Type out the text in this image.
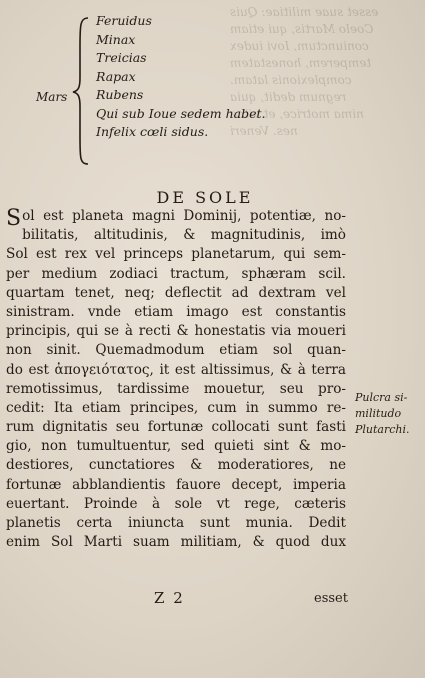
esset suae militiae: Quis
Coelo Martis, qui etiam
coniunctum, Iovi iudex
temperem, honestatem
complexionis latam.
regnum dedit, quia
nima motrice, et vitae
nes. Veneri
Mars
Feruidus
Minax
Treicias
Rapax
Rubens
Qui sub Ioue sedem habet.
Infelix cœli sidus.
DE SOLE
Sol est planeta magni Dominij, potentiæ, no-
bilitatis, altitudinis, & magnitudinis, imò
Sol est rex vel princeps planetarum, qui sem-
per medium zodiaci tractum, sphæram scil.
quartam tenet, neq; deflectit ad dextram vel
sinistram. vnde etiam imago est constantis
principis, qui se à recti & honestatis via moueri
non sinit. Quemadmodum etiam sol quan-
do est ἀπογειότατος, it est altissimus, & à terra
remotissimus, tardissime mouetur, seu pro-
cedit: Ita etiam principes, cum in summo re-
rum dignitatis seu fortunæ collocati sunt fasti
gio, non tumultuentur, sed quieti sint & mo-
destiores, cunctatiores & moderatiores, ne
fortunæ abblandientis fauore decept, imperia
euertant. Proinde à sole vt rege, cæteris
planetis certa iniuncta sunt munia. Dedit
enim Sol Marti suam militiam, & quod dux
Pulcra si-
militudo
Plutarchi.
Z 2	esset
